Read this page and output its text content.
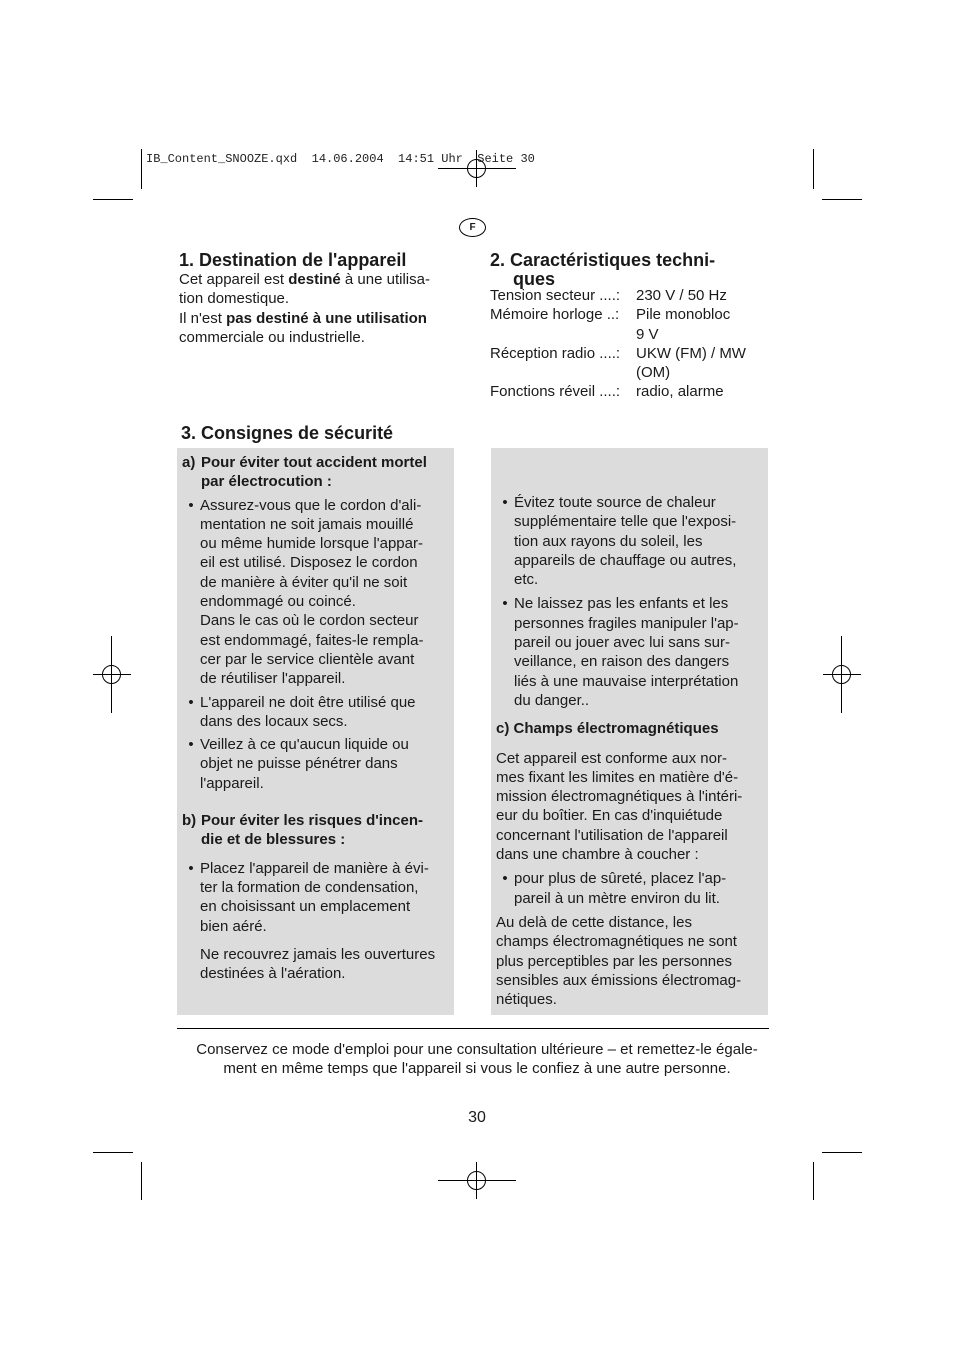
IB_Content_SNOOZE.qxd  14.06.2004  14:51 Uhr  Seite 30
F
1. Destination de l'appareil
Cet appareil est destiné à une utilisa-
tion domestique.
Il n'est pas destiné à une utilisation
commerciale ou industrielle.
2. Caractéristiques techni-
ques
Tension secteur ....:	230 V / 50 Hz
Mémoire horloge ..:	Pile monobloc
9 V
Réception radio ....:	UKW (FM) / MW
(OM)
Fonctions réveil ....:	radio, alarme
3. Consignes de sécurité
a) Pour éviter tout accident mortel
par électrocution :
• Assurez-vous que le cordon d'ali-
mentation ne soit jamais mouillé
ou même humide lorsque l'appar-
eil est utilisé. Disposez le cordon
de manière à éviter qu'il ne soit
endommagé ou coincé.
Dans le cas où le cordon secteur
est endommagé, faites-le rempla-
cer par le service clientèle avant
de réutiliser l'appareil.
• L'appareil ne doit être utilisé que
dans des locaux secs.
• Veillez à ce qu'aucun liquide ou
objet ne puisse pénétrer dans
l'appareil.
b) Pour éviter les risques d'incen-
die et de blessures :
• Placez l'appareil de manière à évi-
ter la formation de condensation,
en choisissant un emplacement
bien aéré.
Ne recouvrez jamais les ouvertures
destinées à l'aération.
• Évitez toute source de chaleur
supplémentaire telle que l'exposi-
tion aux rayons du soleil, les
appareils de chauffage ou autres,
etc.
• Ne laissez pas les enfants et les
personnes fragiles manipuler l'ap-
pareil ou jouer avec lui sans sur-
veillance, en raison des dangers
liés à une mauvaise interprétation
du danger..
c) Champs électromagnétiques
Cet appareil est conforme aux nor-
mes fixant les limites en matière d'é-
mission électromagnétiques à l'intéri-
eur du boîtier. En cas d'inquiétude
concernant l'utilisation de l'appareil
dans une chambre à coucher :
• pour plus de sûreté, placez l'ap-
pareil à un mètre environ du lit.
Au delà de cette distance, les
champs électromagnétiques ne sont
plus perceptibles par les personnes
sensibles aux émissions électromag-
nétiques.
Conservez ce mode d'emploi pour une consultation ultérieure – et remettez-le égale-
ment en même temps que l'appareil si vous le confiez à une autre personne.
30
